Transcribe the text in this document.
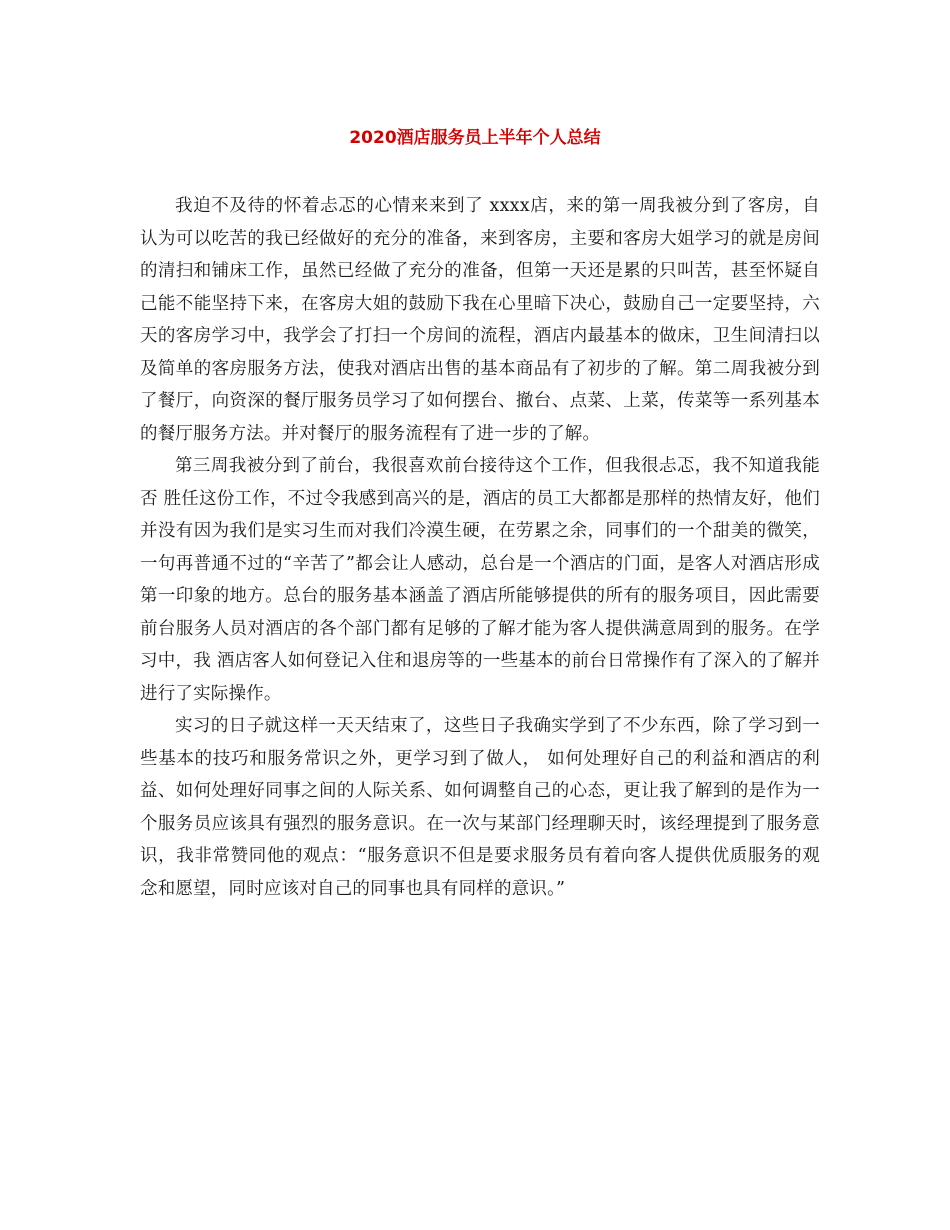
2020酒店服务员上半年个人总结

我迫不及待的怀着忐忑的心情来来到了 xxxx店，来的第一周我被分到了客房，自认为可以吃苦的我已经做好的充分的准备，来到客房，主要和客房大姐学习的就是房间的清扫和铺床工作，虽然已经做了充分的准备，但第一天还是累的只叫苦，甚至怀疑自己能不能坚持下来，在客房大姐的鼓励下我在心里暗下决心，鼓励自己一定要坚持，六天的客房学习中，我学会了打扫一个房间的流程，酒店内最基本的做床，卫生间清扫以及简单的客房服务方法，使我对酒店出售的基本商品有了初步的了解。第二周我被分到了餐厅，向资深的餐厅服务员学习了如何摆台、撤台、点菜、上菜，传菜等一系列基本的餐厅服务方法。并对餐厅的服务流程有了进一步的了解。

第三周我被分到了前台，我很喜欢前台接待这个工作，但我很忐忑，我不知道我能否 胜任这份工作，不过令我感到高兴的是，酒店的员工大都都是那样的热情友好，他们并没有因为我们是实习生而对我们冷漠生硬，在劳累之余，同事们的一个甜美的微笑，一句再普通不过的“辛苦了”都会让人感动，总台是一个酒店的门面，是客人对酒店形成第一印象的地方。总台的服务基本涵盖了酒店所能够提供的所有的服务项目，因此需要前台服务人员对酒店的各个部门都有足够的了解才能为客人提供满意周到的服务。在学习中，我 酒店客人如何登记入住和退房等的一些基本的前台日常操作有了深入的了解并进行了实际操作。

实习的日子就这样一天天结束了，这些日子我确实学到了不少东西，除了学习到一些基本的技巧和服务常识之外，更学习到了做人， 如何处理好自己的利益和酒店的利益、如何处理好同事之间的人际关系、如何调整自己的心态，更让我了解到的是作为一个服务员应该具有强烈的服务意识。在一次与某部门经理聊天时，该经理提到了服务意识，我非常赞同他的观点：“服务意识不但是要求服务员有着向客人提供优质服务的观念和愿望，同时应该对自己的同事也具有同样的意识。”
